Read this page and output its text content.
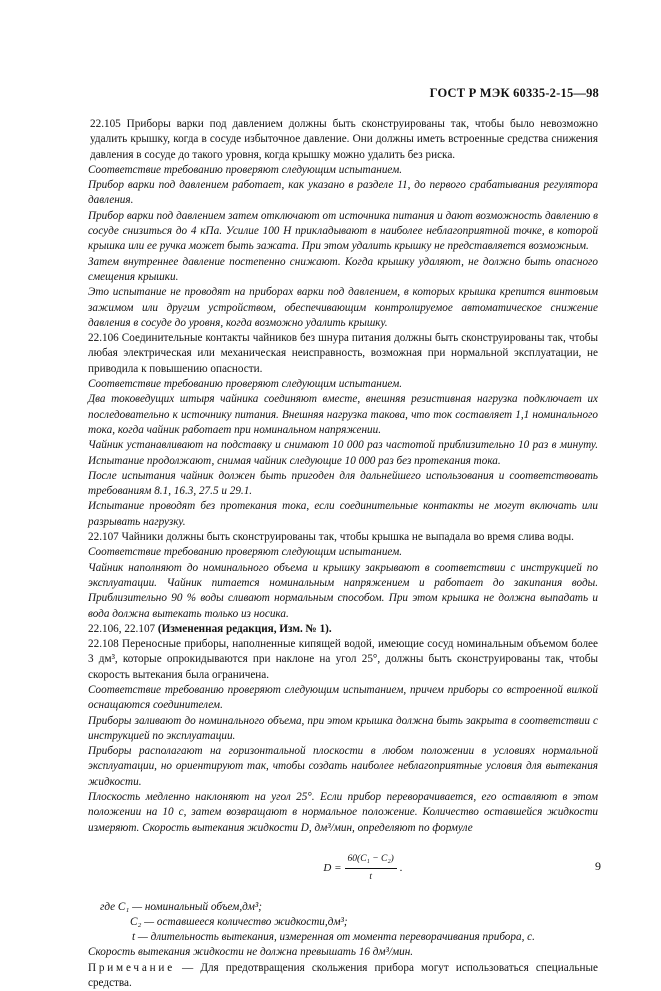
ГОСТ Р МЭК 60335-2-15—98

22.105 Приборы варки под давлением должны быть сконструированы так, чтобы было невозможно удалить крышку, когда в сосуде избыточное давление. Они должны иметь встроенные средства снижения давления в сосуде до такого уровня, когда крышку можно удалить без риска.

Соответствие требованию проверяют следующим испытанием.

Прибор варки под давлением работает, как указано в разделе 11, до первого срабатывания регулятора давления.

Прибор варки под давлением затем отключают от источника питания и дают возможность давлению в сосуде снизиться до 4 кПа. Усилие 100 Н прикладывают в наиболее неблагоприятной точке, в которой крышка или ее ручка может быть зажата. При этом удалить крышку не представляется возможным.

Затем внутреннее давление постепенно снижают. Когда крышку удаляют, не должно быть опасного смещения крышки.

Это испытание не проводят на приборах варки под давлением, в которых крышка крепится винтовым зажимом или другим устройством, обеспечивающим контролируемое автоматическое снижение давления в сосуде до уровня, когда возможно удалить крышку.

22.106 Соединительные контакты чайников без шнура питания должны быть сконструированы так, чтобы любая электрическая или механическая неисправность, возможная при нормальной эксплуатации, не приводила к повышению опасности.

Соответствие требованию проверяют следующим испытанием.

Два токоведущих штыря чайника соединяют вместе, внешняя резистивная нагрузка подключает их последовательно к источнику питания. Внешняя нагрузка такова, что ток составляет 1,1 номинального тока, когда чайник работает при номинальном напряжении.

Чайник устанавливают на подставку и снимают 10 000 раз частотой приблизительно 10 раз в минуту. Испытание продолжают, снимая чайник следующие 10 000 раз без протекания тока.

После испытания чайник должен быть пригоден для дальнейшего использования и соответствовать требованиям 8.1, 16.3, 27.5 и 29.1.

Испытание проводят без протекания тока, если соединительные контакты не могут включать или разрывать нагрузку.

22.107 Чайники должны быть сконструированы так, чтобы крышка не выпадала во время слива воды.

Соответствие требованию проверяют следующим испытанием.

Чайник наполняют до номинального объема и крышку закрывают в соответствии с инструкцией по эксплуатации. Чайник питается номинальным напряжением и работает до закипания воды. Приблизительно 90 % воды сливают нормальным способом. При этом крышка не должна выпадать и вода должна вытекать только из носика.

22.106, 22.107 (Измененная редакция, Изм. № 1).

22.108 Переносные приборы, наполненные кипящей водой, имеющие сосуд номинальным объемом более 3 дм³, которые опрокидываются при наклоне на угол 25°, должны быть сконструированы так, чтобы скорость вытекания была ограничена.

Соответствие требованию проверяют следующим испытанием, причем приборы со встроенной вилкой оснащаются соединителем.

Приборы заливают до номинального объема, при этом крышка должна быть закрыта в соответствии с инструкцией по эксплуатации.

Приборы располагают на горизонтальной плоскости в любом положении в условиях нормальной эксплуатации, но ориентируют так, чтобы создать наиболее неблагоприятные условия для вытекания жидкости.

Плоскость медленно наклоняют на угол 25°. Если прибор переворачивается, его оставляют в этом положении на 10 с, затем возвращают в нормальное положение. Количество оставшейся жидкости измеряют. Скорость вытекания жидкости D, дм³/мин, определяют по формуле

$D = \frac{\text{60(C₁ − C₂)}}{t}$ .

где C₁ — номинальный объем,дм³;

C₂ — оставшееся количество жидкости,дм³;

t — длительность вытекания, измеренная от момента переворачивания прибора, с.

Скорость вытекания жидкости не должна превышать 16 дм³/мин.

Примечание — Для предотвращения скольжения прибора могут использоваться специальные средства.

9
